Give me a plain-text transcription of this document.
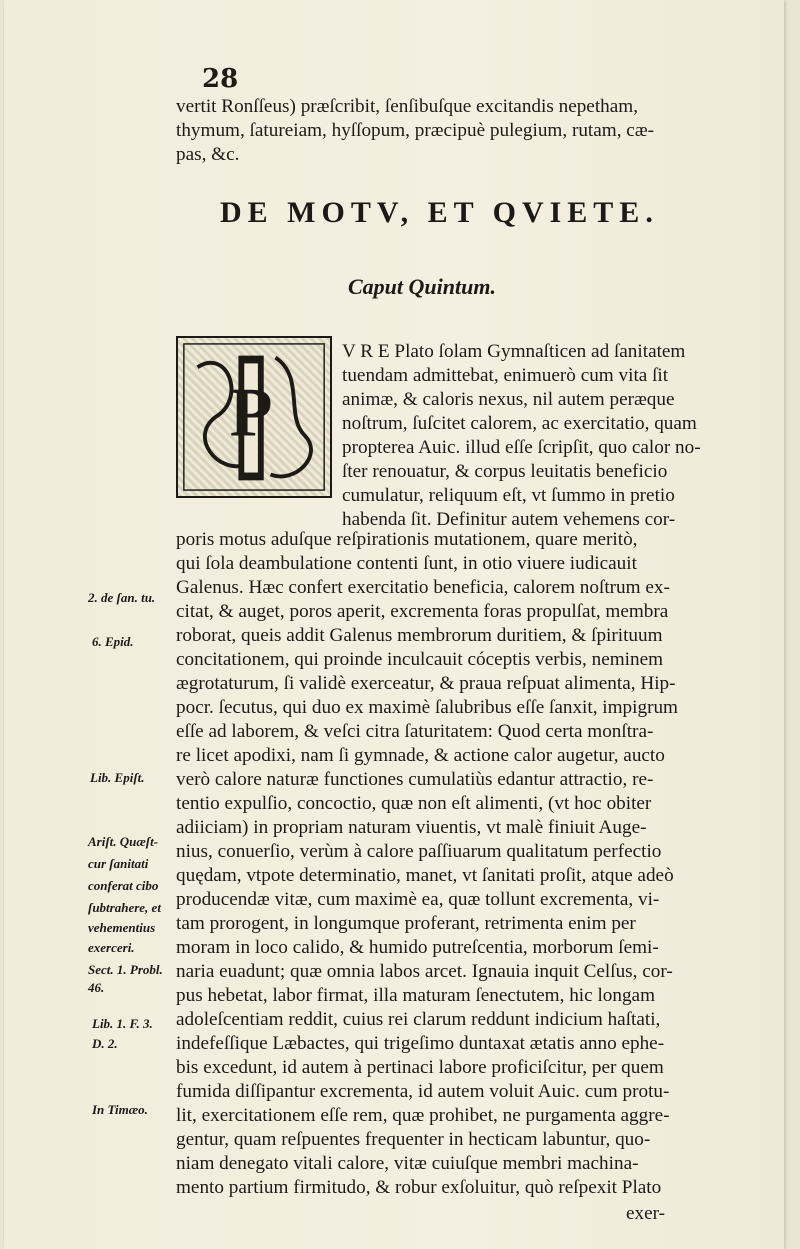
28
vertit Ronſſeus) præſcribit, ſenſibuſque excitandis nepetham,
thymum, ſatureiam, hyſſopum, præcipuè pulegium, rutam, cæ-
pas, &c.
DE MOTV, ET QVIETE.
Caput Quintum.
P
V R E Plato ſolam Gymnaſticen ad ſanitatem
tuendam admittebat, enimuerò cum vita ſit
animæ, & caloris nexus, nil autem peræque
noſtrum, ſuſcitet calorem, ac exercitatio, quam
propterea Auic. illud eſſe ſcripſit, quo calor no-
ſter renouatur, & corpus leuitatis beneficio
cumulatur, reliquum eſt, vt ſummo in pretio
habenda ſit. Definitur autem vehemens cor-
poris motus aduſque reſpirationis mutationem, quare meritò,
qui ſola deambulatione contenti ſunt, in otio viuere iudicauit
Galenus. Hæc confert exercitatio beneficia, calorem noſtrum ex-
citat, & auget, poros aperit, excrementa foras propulſat, membra
roborat, queis addit Galenus membrorum duritiem, & ſpirituum
concitationem, qui proinde inculcauit cóceptis verbis, neminem
ægrotaturum, ſi validè exerceatur, & praua reſpuat alimenta, Hip-
pocr. ſecutus, qui duo ex maximè ſalubribus eſſe ſanxit, impigrum
eſſe ad laborem, & veſci citra ſaturitatem: Quod certa monſtra-
re licet apodixi, nam ſi gymnade, & actione calor augetur, aucto
verò calore naturæ functiones cumulatiùs edantur attractio, re-
tentio expulſio, concoctio, quæ non eſt alimenti, (vt hoc obiter
adiiciam) in propriam naturam viuentis, vt malè finiuit Auge-
nius, conuerſio, verùm à calore paſſiuarum qualitatum perfectio
quędam, vtpote determinatio, manet, vt ſanitati proſit, atque adeò
producendæ vitæ, cum maximè ea, quæ tollunt excrementa, vi-
tam prorogent, in longumque proferant, retrimenta enim per
moram in loco calido, & humido putreſcentia, morborum ſemi-
naria euadunt; quæ omnia labos arcet. Ignauia inquit Celſus, cor-
pus hebetat, labor firmat, illa maturam ſenectutem, hic longam
adoleſcentiam reddit, cuius rei clarum reddunt indicium haſtati,
indefeſſique Læbactes, qui trigeſimo duntaxat ætatis anno ephe-
bis excedunt, id autem à pertinaci labore proficiſcitur, per quem
fumida diſſipantur excrementa, id autem voluit Auic. cum protu-
lit, exercitationem eſſe rem, quæ prohibet, ne purgamenta aggre-
gentur, quam reſpuentes frequenter in hecticam labuntur, quo-
niam denegato vitali calore, vitæ cuiuſque membri machina-
mento partium firmitudo, & robur exſoluitur, quò reſpexit Plato
exer-
2. de ſan. tu.
6. Epid.
Lib. Epiſt.
Ariſt. Quæſt-
cur ſanitati
conferat cibo
ſubtrahere, et
vehementius
exerceri.
Sect. 1. Probl.
46.
Lib. 1. F. 3.
D. 2.
In Timæo.
